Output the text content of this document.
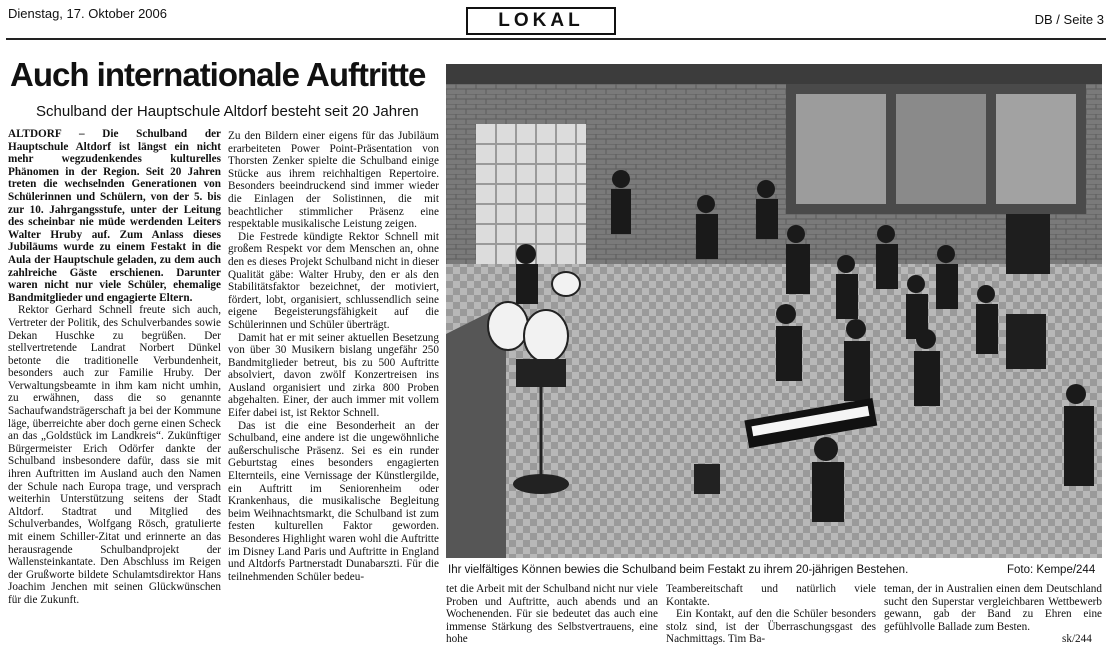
Dienstag, 17. Oktober 2006	LOKAL	DB / Seite 3
Auch internationale Auftritte
Schulband der Hauptschule Altdorf besteht seit 20 Jahren

ALTDORF – Die Schulband der Hauptschule Altdorf ist längst ein nicht mehr wegzudenkendes kulturelles Phänomen in der Region. Seit 20 Jahren treten die wechselnden Generationen von Schülerinnen und Schülern, von der 5. bis zur 10. Jahrgangsstufe, unter der Leitung des scheinbar nie müde werdenden Leiters Walter Hruby auf. Zum Anlass dieses Jubiläums wurde zu einem Festakt in die Aula der Hauptschule geladen, zu dem auch zahlreiche Gäste erschienen. Darunter waren nicht nur viele Schüler, ehemalige Bandmitglieder und engagierte Eltern.

Rektor Gerhard Schnell freute sich auch, Vertreter der Politik, des Schulverbandes sowie Dekan Huschke zu begrüßen. Der stellvertretende Landrat Norbert Dünkel betonte die traditionelle Verbundenheit, besonders auch zur Familie Hruby. Der Verwaltungsbeamte in ihm kam nicht umhin, zu erwähnen, dass die so genannte Sachaufwandsträgerschaft ja bei der Kommune läge, überreichte aber doch gerne einen Scheck an das „Goldstück im Landkreis“. Zukünftiger Bürgermeister Erich Odörfer dankte der Schulband insbesondere dafür, dass sie mit ihren Auftritten im Ausland auch den Namen der Schule nach Europa trage, und versprach weiterhin Unterstützung seitens der Stadt Altdorf. Stadtrat und Mitglied des Schulverbandes, Wolfgang Rösch, gratulierte mit einem Schiller-Zitat und erinnerte an das herausragende Schulbandprojekt der Wallensteinkantate. Den Abschluss im Reigen der Grußworte bildete Schulamtsdirektor Hans Joachim Jenchen mit seinen Glückwünschen für die Zukunft.

Zu den Bildern einer eigens für das Jubiläum erarbeiteten Power Point-Präsentation von Thorsten Zenker spielte die Schulband einige Stücke aus ihrem reichhaltigen Repertoire. Besonders beeindruckend sind immer wieder die Einlagen der Solistinnen, die mit beachtlicher stimmlicher Präsenz eine respektable musikalische Leistung zeigen.

Die Festrede kündigte Rektor Schnell mit großem Respekt vor dem Menschen an, ohne den es dieses Projekt Schulband nicht in dieser Qualität gäbe: Walter Hruby, den er als den Stabilitätsfaktor bezeichnet, der motiviert, fördert, lobt, organisiert, schlussendlich seine eigene Begeisterungsfähigkeit auf die Schülerinnen und Schüler überträgt.

Damit hat er mit seiner aktuellen Besetzung von über 30 Musikern bislang ungefähr 250 Bandmitglieder betreut, bis zu 500 Auftritte absolviert, davon zwölf Konzertreisen ins Ausland organisiert und zirka 800 Proben abgehalten. Einer, der auch immer mit vollem Eifer dabei ist, ist Rektor Schnell.

Das ist die eine Besonderheit an der Schulband, eine andere ist die ungewöhnliche außerschulische Präsenz. Sei es ein runder Geburtstag eines besonders engagierten Elternteils, eine Vernissage der Künstlergilde, ein Auftritt im Seniorenheim oder Krankenhaus, die musikalische Begleitung beim Weihnachtsmarkt, die Schulband ist zum festen kulturellen Faktor geworden. Besonderes Highlight waren wohl die Auftritte im Disney Land Paris und Auftritte in England und Altdorfs Partnerstadt Dunabarszti. Für die teilnehmenden Schüler bedeu-

Ihr vielfältiges Können bewies die Schulband beim Festakt zu ihrem 20-jährigen Bestehen.	Foto: Kempe/244

tet die Arbeit mit der Schulband nicht nur viele Proben und Auftritte, auch abends und an Wochenenden. Für sie bedeutet das auch eine immense Stärkung des Selbstvertrauens, eine hohe

Teambereitschaft und natürlich viele Kontakte.

Ein Kontakt, auf den die Schüler besonders stolz sind, ist der Überraschungsgast des Nachmittags. Tim Ba-

teman, der in Australien einen dem Deutschland sucht den Superstar vergleichbaren Wettbewerb gewann, gab der Band zu Ehren eine gefühlvolle Ballade zum Besten.

sk/244
